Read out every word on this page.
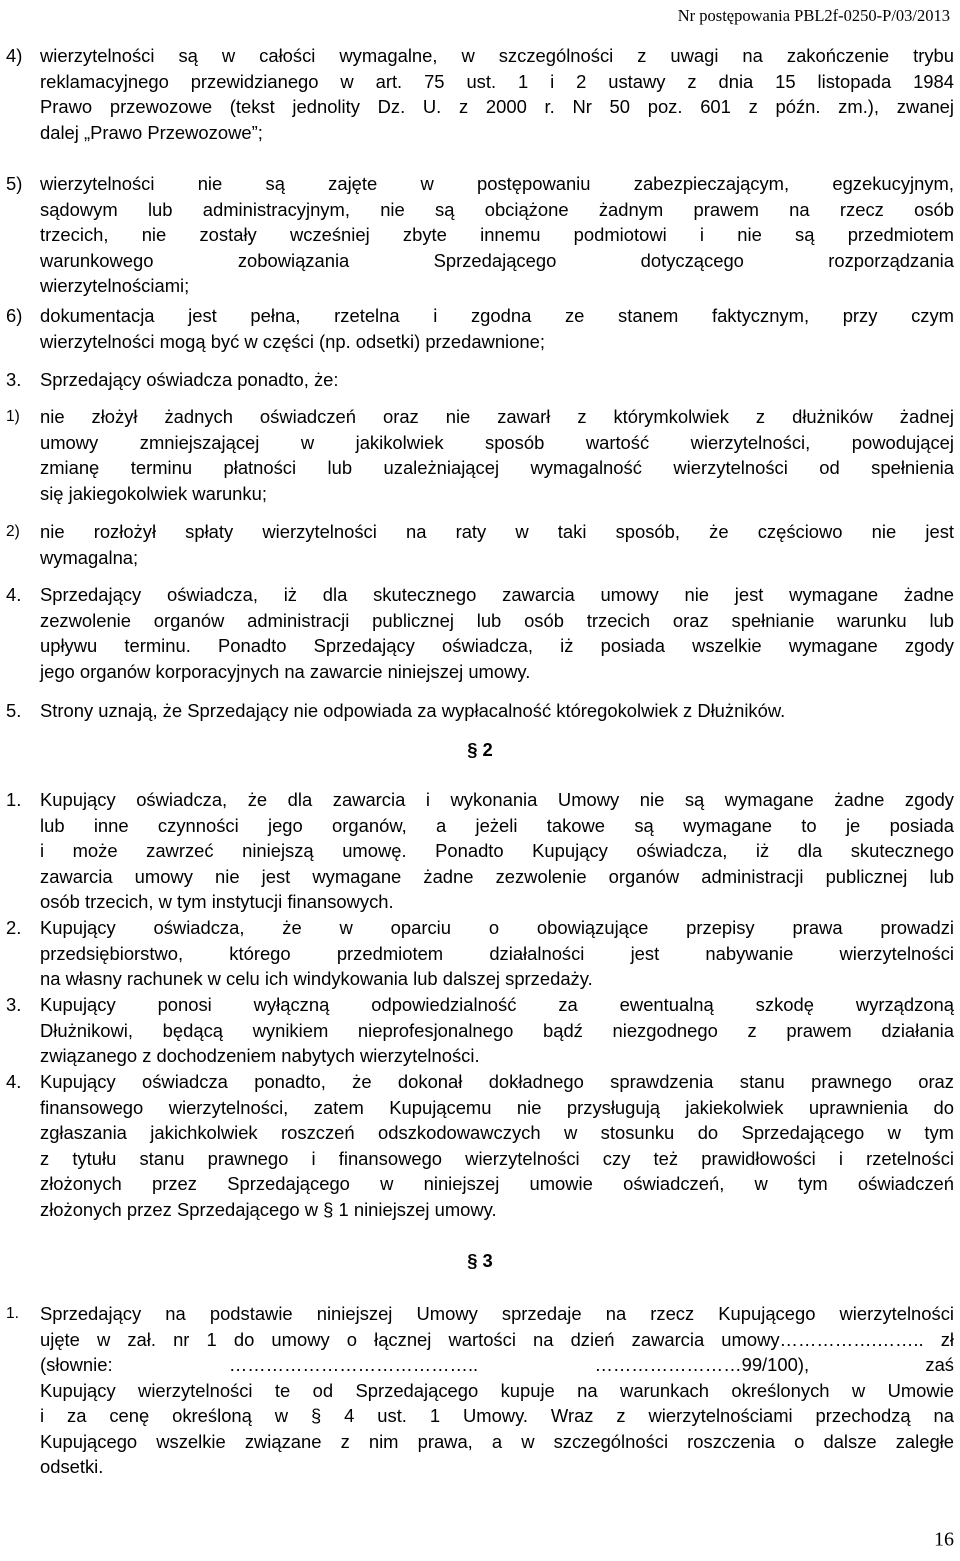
Nr postępowania PBL2f-0250-P/03/2013
4) wierzytelności są w całości wymagalne, w szczególności z uwagi na zakończenie trybu
reklamacyjnego przewidzianego w art. 75 ust. 1 i 2 ustawy z dnia 15 listopada 1984
Prawo przewozowe (tekst jednolity Dz. U. z 2000 r. Nr 50 poz. 601 z późn. zm.), zwanej
dalej „Prawo Przewozowe”;
5) wierzytelności nie są zajęte w postępowaniu zabezpieczającym, egzekucyjnym,
sądowym lub administracyjnym, nie są obciążone żadnym prawem na rzecz osób
trzecich, nie zostały wcześniej zbyte innemu podmiotowi i nie są przedmiotem
warunkowego zobowiązania Sprzedającego dotyczącego rozporządzania
wierzytelnościami;
6) dokumentacja jest pełna, rzetelna i zgodna ze stanem faktycznym, przy czym
wierzytelności mogą być w części (np. odsetki) przedawnione;
3. Sprzedający oświadcza ponadto, że:
1) nie złożył żadnych oświadczeń oraz nie zawarł z którymkolwiek z dłużników żadnej
umowy zmniejszającej w jakikolwiek sposób wartość wierzytelności, powodującej
zmianę terminu płatności lub uzależniającej wymagalność wierzytelności od spełnienia
się jakiegokolwiek warunku;
2) nie rozłożył spłaty wierzytelności na raty w taki sposób, że częściowo nie jest
wymagalna;
4. Sprzedający oświadcza, iż dla skutecznego zawarcia umowy nie jest wymagane żadne
zezwolenie organów administracji publicznej lub osób trzecich oraz spełnianie warunku lub
upływu terminu. Ponadto Sprzedający oświadcza, iż posiada wszelkie wymagane zgody
jego organów korporacyjnych na zawarcie niniejszej umowy.
5. Strony uznają, że Sprzedający nie odpowiada za wypłacalność któregokolwiek z Dłużników.
§ 2
1. Kupujący oświadcza, że dla zawarcia i wykonania Umowy nie są wymagane żadne zgody
lub inne czynności jego organów, a jeżeli takowe są wymagane to je posiada
i może zawrzeć niniejszą umowę. Ponadto Kupujący oświadcza, iż dla skutecznego
zawarcia umowy nie jest wymagane żadne zezwolenie organów administracji publicznej lub
osób trzecich, w tym instytucji finansowych.
2. Kupujący oświadcza, że w oparciu o obowiązujące przepisy prawa prowadzi
przedsiębiorstwo, którego przedmiotem działalności jest nabywanie wierzytelności
na własny rachunek w celu ich windykowania lub dalszej sprzedaży.
3. Kupujący ponosi wyłączną odpowiedzialność za ewentualną szkodę wyrządzoną
Dłużnikowi, będącą wynikiem nieprofesjonalnego bądź niezgodnego z prawem działania
związanego z dochodzeniem nabytych wierzytelności.
4. Kupujący oświadcza ponadto, że dokonał dokładnego sprawdzenia stanu prawnego oraz
finansowego wierzytelności, zatem Kupującemu nie przysługują jakiekolwiek uprawnienia do
zgłaszania jakichkolwiek roszczeń odszkodowawczych w stosunku do Sprzedającego w tym
z tytułu stanu prawnego i finansowego wierzytelności czy też prawidłowości i rzetelności
złożonych przez Sprzedającego w niniejszej umowie oświadczeń, w tym oświadczeń
złożonych przez Sprzedającego w § 1 niniejszej umowy.
§ 3
1. Sprzedający na podstawie niniejszej Umowy sprzedaje na rzecz Kupującego wierzytelności
ujęte w zał. nr 1 do umowy o łącznej wartości na dzień zawarcia umowy…………….…….. zł
(słownie: ………………………………….. ……………………99/100), zaś
Kupujący wierzytelności te od Sprzedającego kupuje na warunkach określonych w Umowie
i za cenę określoną w § 4 ust. 1 Umowy. Wraz z wierzytelnościami przechodzą na
Kupującego wszelkie związane z nim prawa, a w szczególności roszczenia o dalsze zaległe
odsetki.
16
